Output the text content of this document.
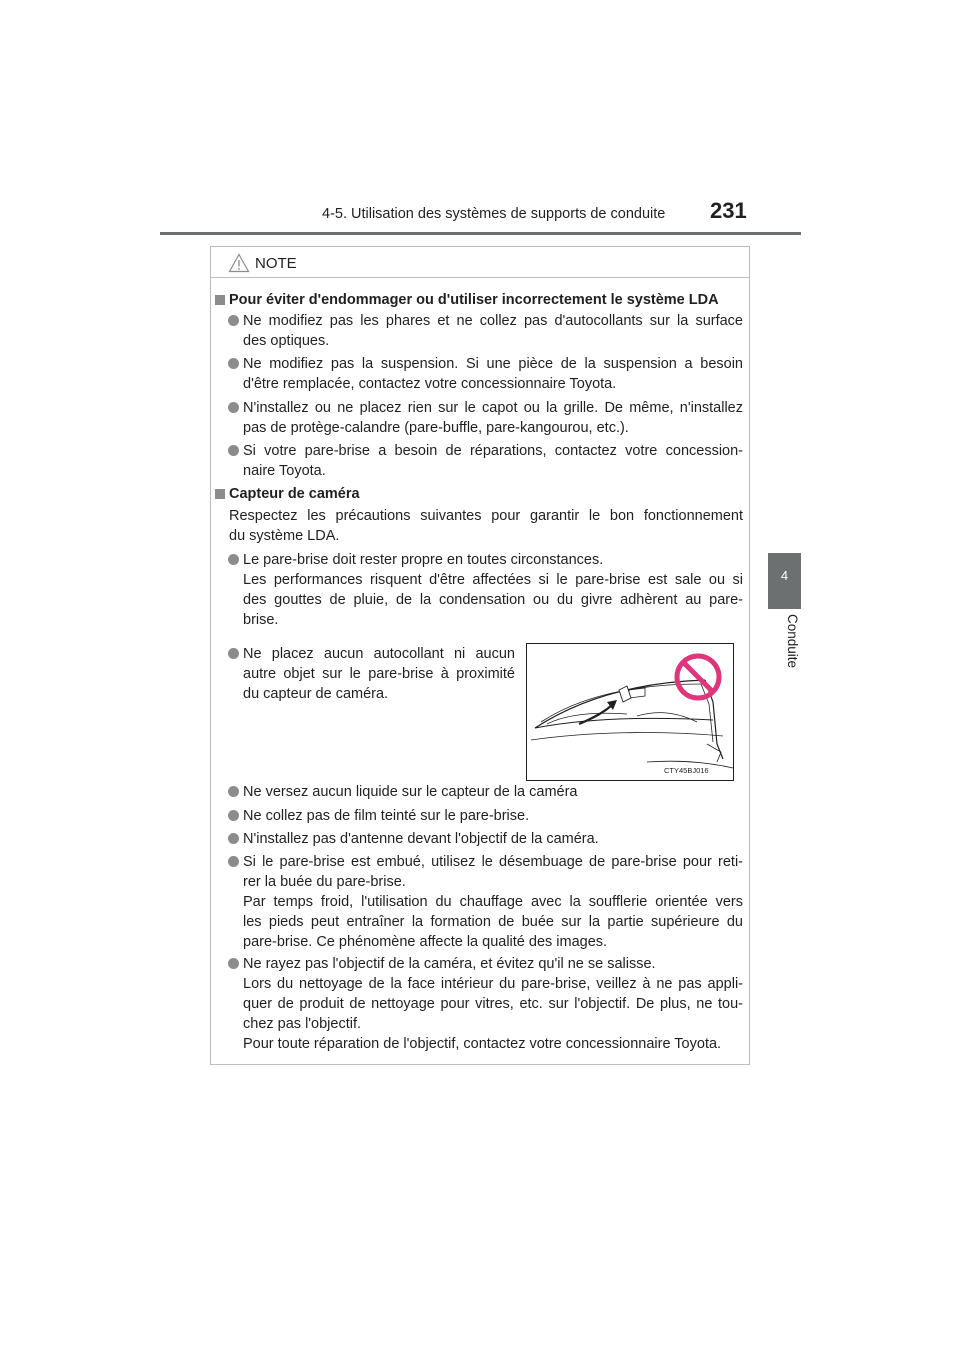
4-5. Utilisation des systèmes de supports de conduite 231
4
Conduite
NOTE
Pour éviter d'endommager ou d'utiliser incorrectement le système LDA
Ne modifiez pas les phares et ne collez pas d'autocollants sur la surface
des optiques.
Ne modifiez pas la suspension. Si une pièce de la suspension a besoin
d'être remplacée, contactez votre concessionnaire Toyota.
N'installez ou ne placez rien sur le capot ou la grille. De même, n'installez
pas de protège-calandre (pare-buffle, pare-kangourou, etc.).
Si votre pare-brise a besoin de réparations, contactez votre concession-
naire Toyota.
Capteur de caméra
Respectez les précautions suivantes pour garantir le bon fonctionnement
du système LDA.
Le pare-brise doit rester propre en toutes circonstances.
Les performances risquent d'être affectées si le pare-brise est sale ou si
des gouttes de pluie, de la condensation ou du givre adhèrent au pare-
brise.
Ne placez aucun autocollant ni aucun
autre objet sur le pare-brise à proximité
du capteur de caméra.
CTY45BJ016
Ne versez aucun liquide sur le capteur de la caméra
Ne collez pas de film teinté sur le pare-brise.
N'installez pas d'antenne devant l'objectif de la caméra.
Si le pare-brise est embué, utilisez le désembuage de pare-brise pour reti-
rer la buée du pare-brise.
Par temps froid, l'utilisation du chauffage avec la soufflerie orientée vers
les pieds peut entraîner la formation de buée sur la partie supérieure du
pare-brise. Ce phénomène affecte la qualité des images.
Ne rayez pas l'objectif de la caméra, et évitez qu'il ne se salisse.
Lors du nettoyage de la face intérieur du pare-brise, veillez à ne pas appli-
quer de produit de nettoyage pour vitres, etc. sur l'objectif. De plus, ne tou-
chez pas l'objectif.
Pour toute réparation de l'objectif, contactez votre concessionnaire Toyota.
